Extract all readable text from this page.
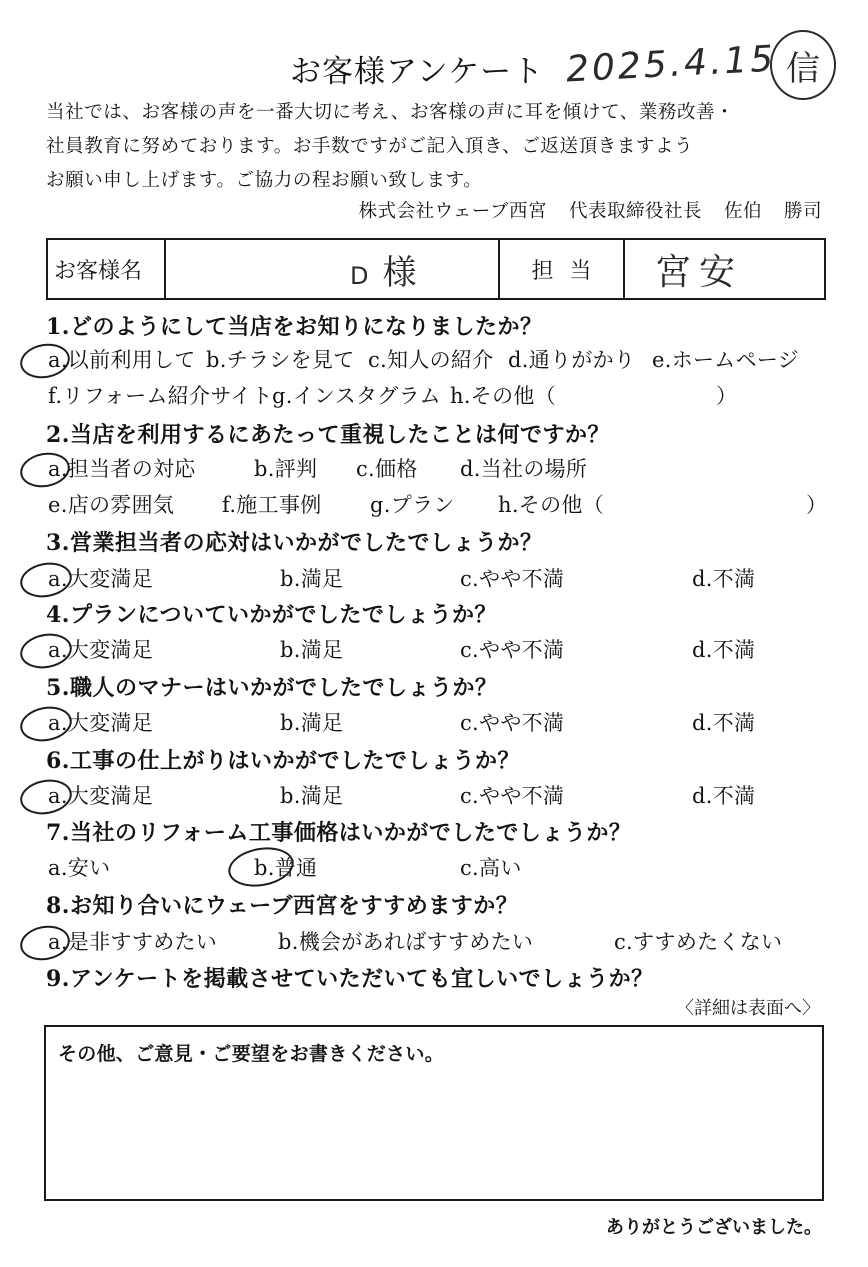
お客様アンケート 2025.4.15 信
当社では、お客様の声を一番大切に考え、お客様の声に耳を傾けて、業務改善・
社員教育に努めております。お手数ですがご記入頂き、ご返送頂きますよう
お願い申し上げます。ご協力の程お願い致します。
株式会社ウェーブ西宮 代表取締役社長 佐伯 勝司
お客様名	D 様	担当	宮安
1.どのようにして当店をお知りになりましたか？
a.以前利用して b.チラシを見て c.知人の紹介 d.通りがかり e.ホームページ
f.リフォーム紹介サイト g.インスタグラム h.その他（	）
2.当店を利用するにあたって重視したことは何ですか？
a.担当者の対応	b.評判 c.価格 d.当社の場所
e.店の雰囲気 f.施工事例 g.プラン h.その他（	）
3.営業担当者の応対はいかがでしたでしょうか？
a.大変満足	b.満足	c.やや不満	d.不満
4.プランについていかがでしたでしょうか？
a.大変満足	b.満足	c.やや不満	d.不満
5.職人のマナーはいかがでしたでしょうか？
a.大変満足	b.満足	c.やや不満	d.不満
6.工事の仕上がりはいかがでしたでしょうか？
a.大変満足	b.満足	c.やや不満	d.不満
7.当社のリフォーム工事価格はいかがでしたでしょうか？
a.安い	b.普通	c.高い
8.お知り合いにウェーブ西宮をすすめますか？
a.是非すすめたい	b.機会があればすすめたい	c.すすめたくない
9.アンケートを掲載させていただいても宜しいでしょうか？
〈詳細は表面へ〉
その他、ご意見・ご要望をお書きください。
ありがとうございました。
